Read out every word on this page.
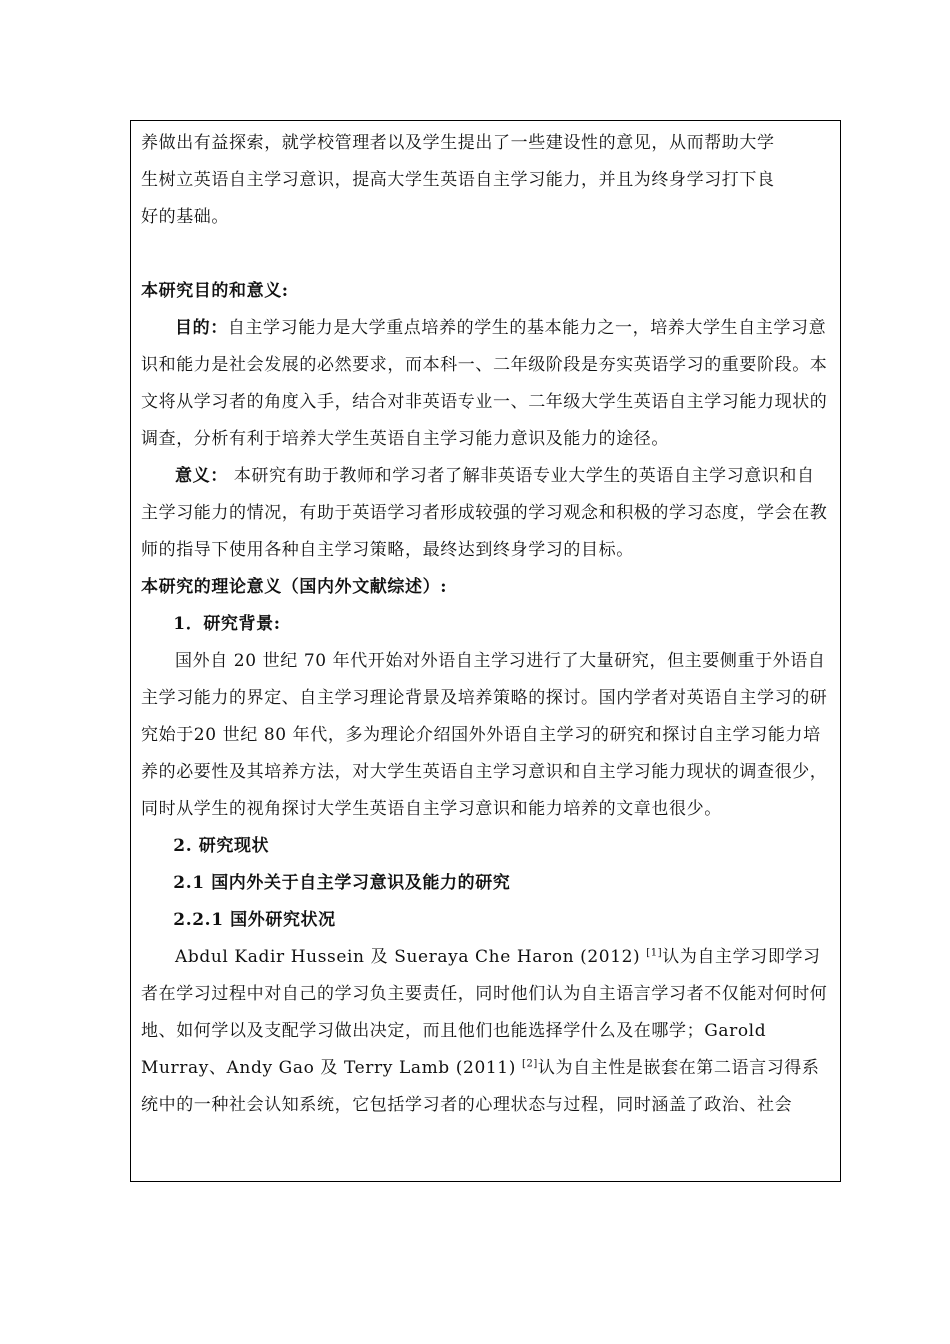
养做出有益探索，就学校管理者以及学生提出了一些建设性的意见，从而帮助大学

生树立英语自主学习意识，提高大学生英语自主学习能力，并且为终身学习打下良

好的基础。

本研究目的和意义:

目的：自主学习能力是大学重点培养的学生的基本能力之一，培养大学生自主学习意识和能力是社会发展的必然要求，而本科一、二年级阶段是夯实英语学习的重要阶段。本文将从学习者的角度入手，结合对非英语专业一、二年级大学生英语自主学习能力现状的调查，分析有利于培养大学生英语自主学习能力意识及能力的途径。

意义： 本研究有助于教师和学习者了解非英语专业大学生的英语自主学习意识和自主学习能力的情况，有助于英语学习者形成较强的学习观念和积极的学习态度，学会在教师的指导下使用各种自主学习策略，最终达到终身学习的目标。

本研究的理论意义（国内外文献综述）:

1．研究背景:

国外自 20 世纪 70 年代开始对外语自主学习进行了大量研究，但主要侧重于外语自主学习能力的界定、自主学习理论背景及培养策略的探讨。国内学者对英语自主学习的研究始于20 世纪 80 年代，多为理论介绍国外外语自主学习的研究和探讨自主学习能力培养的必要性及其培养方法，对大学生英语自主学习意识和自主学习能力现状的调查很少，同时从学生的视角探讨大学生英语自主学习意识和能力培养的文章也很少。

2. 研究现状

2.1 国内外关于自主学习意识及能力的研究

2.2.1 国外研究状况

Abdul Kadir Hussein 及 Sueraya Che Haron (2012) [1]认为自主学习即学习者在学习过程中对自己的学习负主要责任，同时他们认为自主语言学习者不仅能对何时何地、如何学以及支配学习做出决定，而且他们也能选择学什么及在哪学；Garold Murray、Andy Gao 及 Terry Lamb (2011) [2]认为自主性是嵌套在第二语言习得系统中的一种社会认知系统，它包括学习者的心理状态与过程，同时涵盖了政治、社会
